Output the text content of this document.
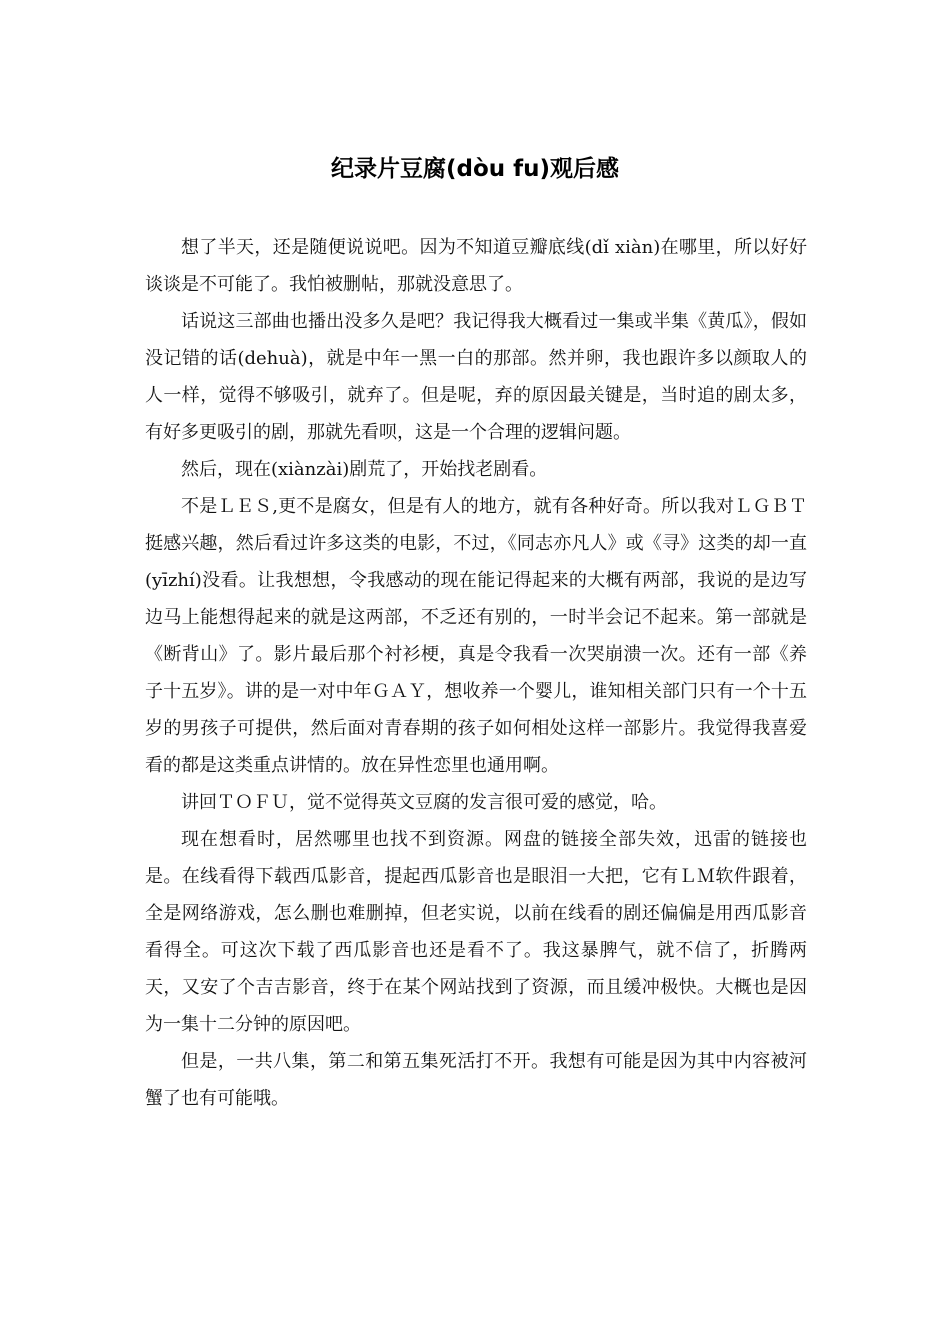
纪录片豆腐(dòu fu)观后感

想了半天，还是随便说说吧。因为不知道豆瓣底线(dǐ xiàn)在哪里，所以好好谈谈是不可能了。我怕被删帖，那就没意思了。

话说这三部曲也播出没多久是吧？我记得我大概看过一集或半集《黄瓜》，假如没记错的话(dehuà)，就是中年一黑一白的那部。然并卵，我也跟许多以颜取人的人一样，觉得不够吸引，就弃了。但是呢，弃的原因最关键是，当时追的剧太多，有好多更吸引的剧，那就先看呗，这是一个合理的逻辑问题。

然后，现在(xiànzài)剧荒了，开始找老剧看。

不是ＬＥＳ,更不是腐女，但是有人的地方，就有各种好奇。所以我对ＬＧＢＴ挺感兴趣，然后看过许多这类的电影，不过，《同志亦凡人》或《寻》这类的却一直(yīzhí)没看。让我想想，令我感动的现在能记得起来的大概有两部，我说的是边写边马上能想得起来的就是这两部，不乏还有别的，一时半会记不起来。第一部就是《断背山》了。影片最后那个衬衫梗，真是令我看一次哭崩溃一次。还有一部《养子十五岁》。讲的是一对中年ＧＡＹ，想收养一个婴儿，谁知相关部门只有一个十五岁的男孩子可提供，然后面对青春期的孩子如何相处这样一部影片。我觉得我喜爱看的都是这类重点讲情的。放在异性恋里也通用啊。

讲回ＴＯＦＵ，觉不觉得英文豆腐的发言很可爱的感觉，哈。

现在想看时，居然哪里也找不到资源。网盘的链接全部失效，迅雷的链接也是。在线看得下载西瓜影音，提起西瓜影音也是眼泪一大把，它有ＬＭ软件跟着，全是网络游戏，怎么删也难删掉，但老实说，以前在线看的剧还偏偏是用西瓜影音看得全。可这次下载了西瓜影音也还是看不了。我这暴脾气，就不信了，折腾两天，又安了个吉吉影音，终于在某个网站找到了资源，而且缓冲极快。大概也是因为一集十二分钟的原因吧。

但是，一共八集，第二和第五集死活打不开。我想有可能是因为其中内容被河蟹了也有可能哦。
